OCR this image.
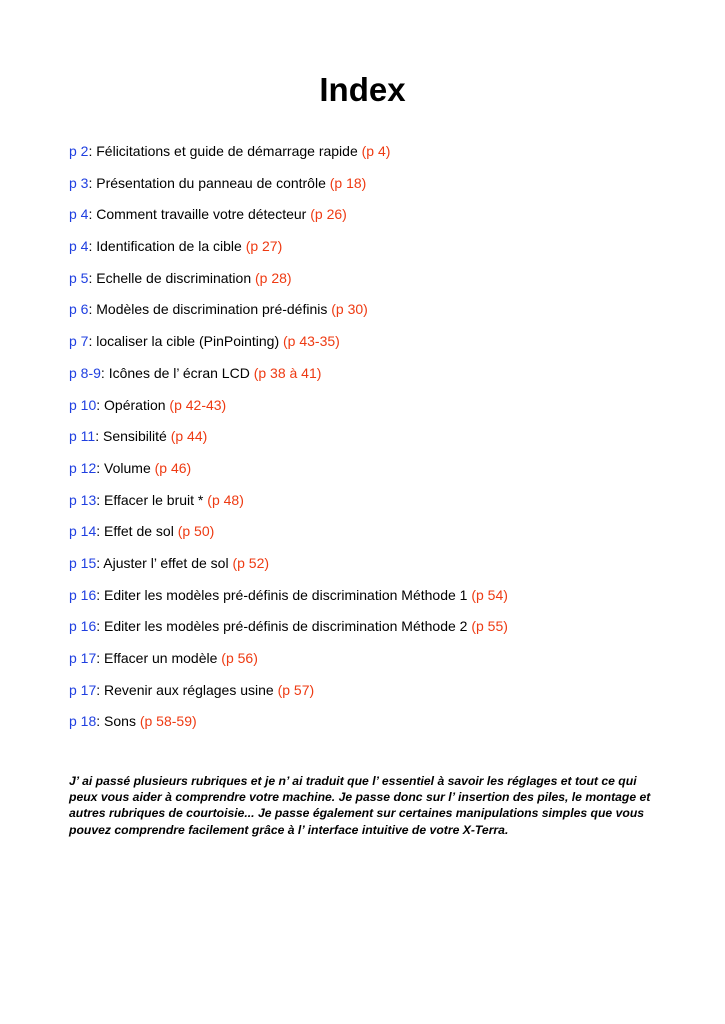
Index
p 2: Félicitations et guide de démarrage rapide (p 4)
p 3: Présentation du panneau de contrôle (p 18)
p 4: Comment travaille votre détecteur (p 26)
p 4: Identification de la cible (p 27)
p 5: Echelle de discrimination (p 28)
p 6: Modèles de discrimination pré-définis (p 30)
p 7: localiser la cible (PinPointing) (p 43-35)
p 8-9: Icônes de l’ écran LCD (p 38 à 41)
p 10: Opération (p 42-43)
p 11: Sensibilité (p 44)
p 12: Volume (p 46)
p 13: Effacer le bruit * (p 48)
p 14: Effet de sol (p 50)
p 15: Ajuster l’ effet de sol (p 52)
p 16: Editer les modèles pré-définis de discrimination Méthode 1 (p 54)
p 16: Editer les modèles pré-définis de discrimination Méthode 2 (p 55)
p 17: Effacer un modèle (p 56)
p 17: Revenir aux réglages usine (p 57)
p 18: Sons (p 58-59)

J’ ai passé plusieurs rubriques et je n’ ai traduit que l’ essentiel à savoir les réglages et tout ce qui peux vous aider à comprendre votre machine. Je passe donc sur l’ insertion des piles, le montage et autres rubriques de courtoisie... Je passe également sur certaines manipulations simples que vous pouvez comprendre facilement grâce à l’ interface intuitive de votre X-Terra.
